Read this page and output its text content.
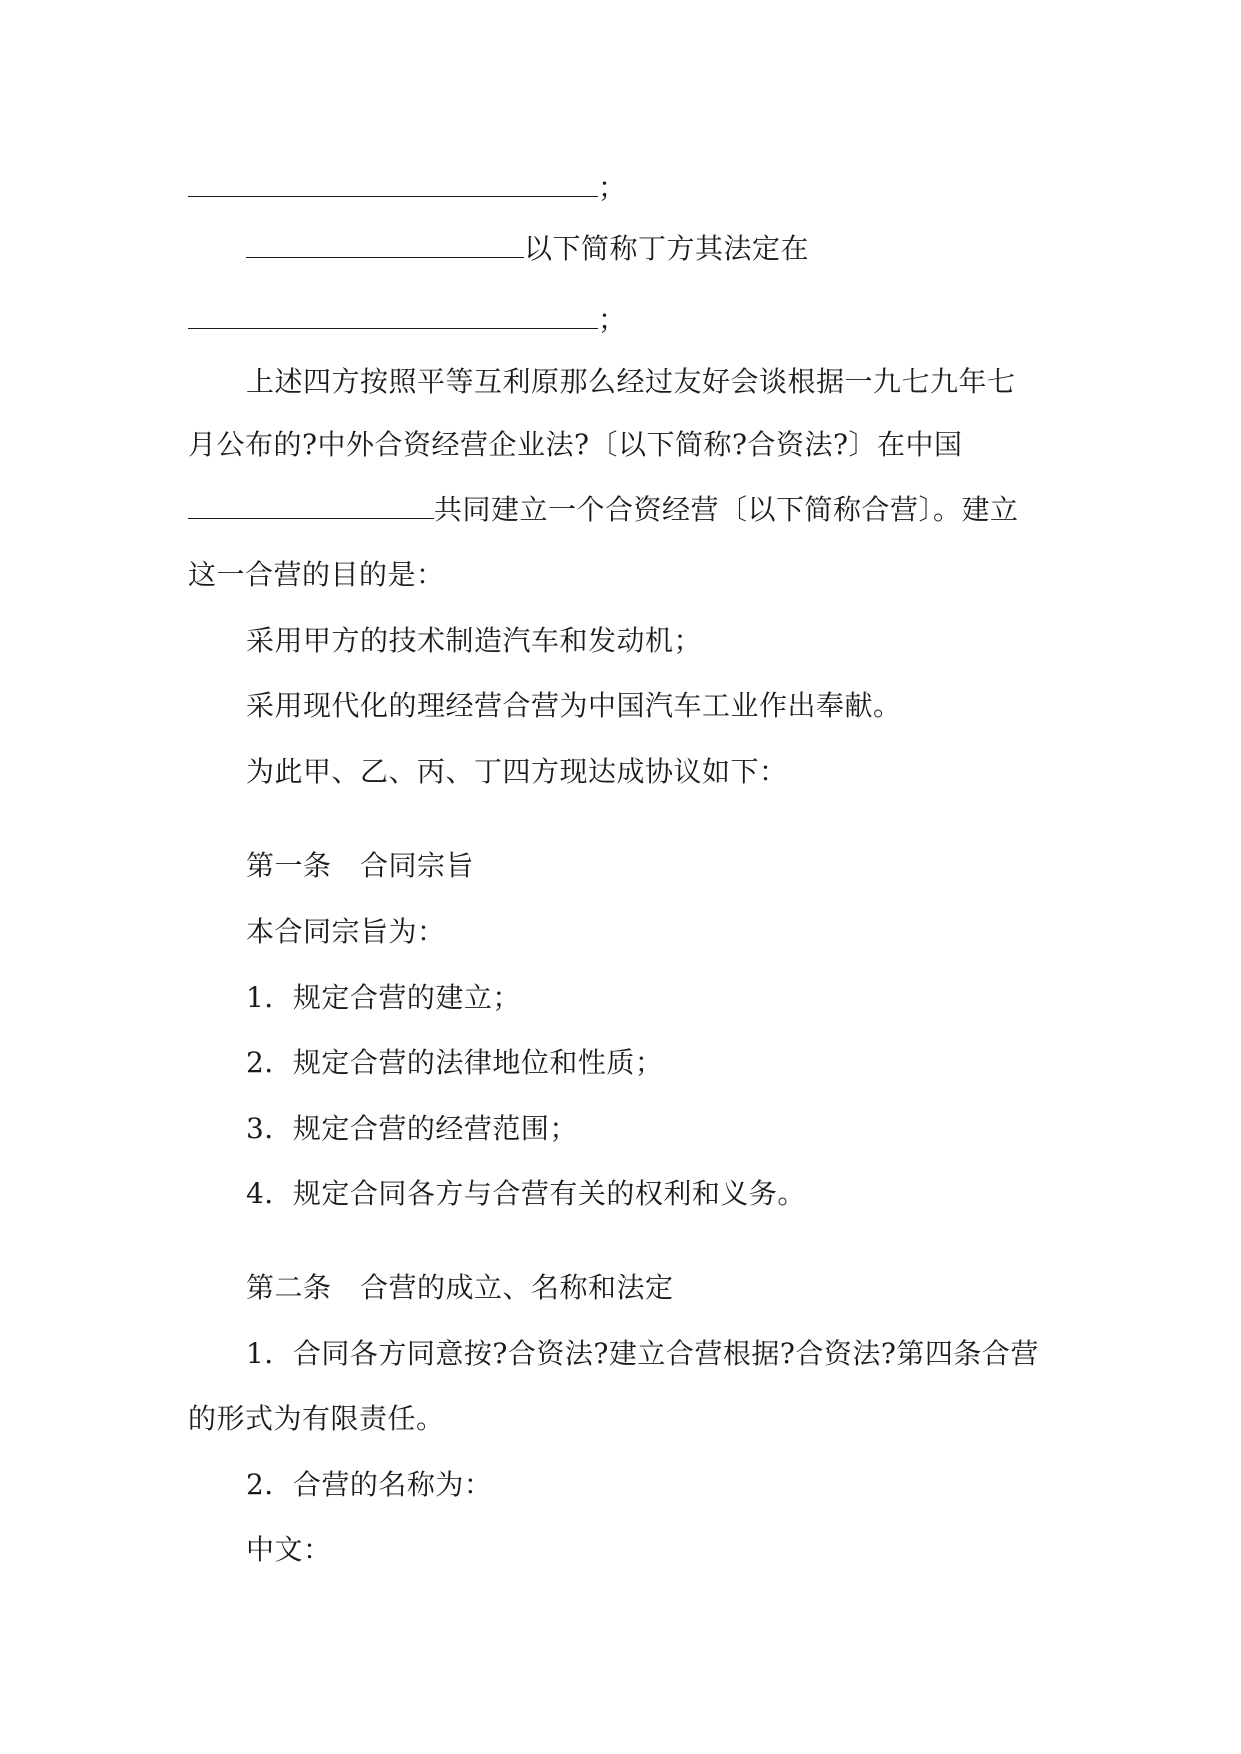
；
以下简称丁方其法定在
；
上述四方按照平等互利原那么经过友好会谈根据一九七九年七
月公布的?中外合资经营企业法?〔以下简称?合资法?〕在中国
共同建立一个合资经营〔以下简称合营〕。建立
这一合营的目的是：
采用甲方的技术制造汽车和发动机；
采用现代化的理经营合营为中国汽车工业作出奉献。
为此甲、乙、丙、丁四方现达成协议如下：
第一条　合同宗旨
本合同宗旨为：
1．规定合营的建立；
2．规定合营的法律地位和性质；
3．规定合营的经营范围；
4．规定合同各方与合营有关的权利和义务。
第二条　合营的成立、名称和法定
1．合同各方同意按?合资法?建立合营根据?合资法?第四条合营
的形式为有限责任。
2．合营的名称为：
中文：
